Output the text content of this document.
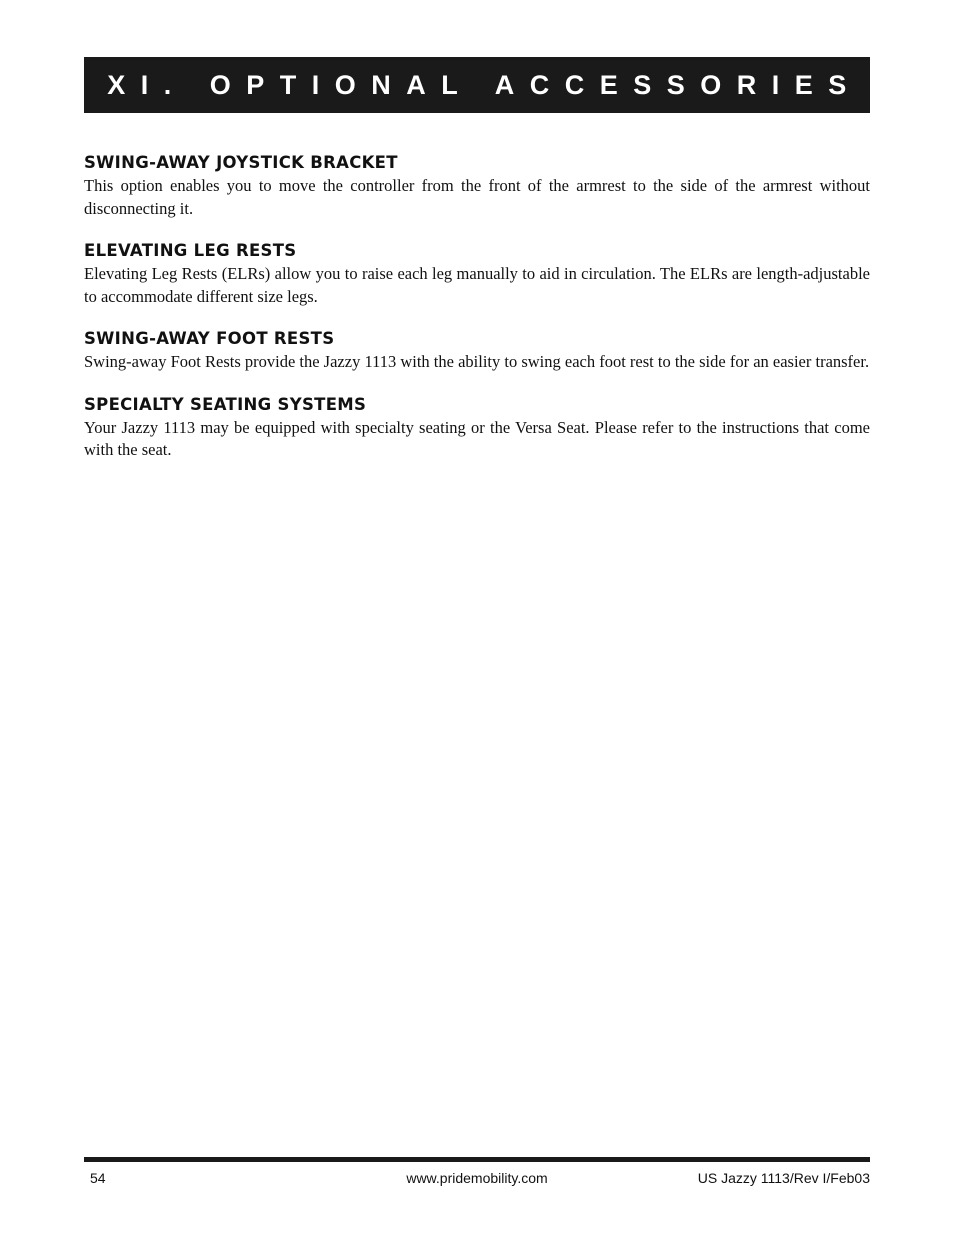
XI. OPTIONAL ACCESSORIES
SWING-AWAY JOYSTICK BRACKET

This option enables you to move the controller from the front of the armrest to the side of the armrest without disconnecting it.

ELEVATING LEG RESTS

Elevating Leg Rests (ELRs) allow you to raise each leg manually to aid in circulation. The ELRs are length-adjustable to accommodate different size legs.

SWING-AWAY FOOT RESTS

Swing-away Foot Rests provide the Jazzy 1113 with the ability to swing each foot rest to the side for an easier transfer.

SPECIALTY SEATING SYSTEMS

Your Jazzy 1113 may be equipped with specialty seating or the Versa Seat. Please refer to the instructions that come with the seat.

54	www.pridemobility.com	US Jazzy 1113/Rev I/Feb03
